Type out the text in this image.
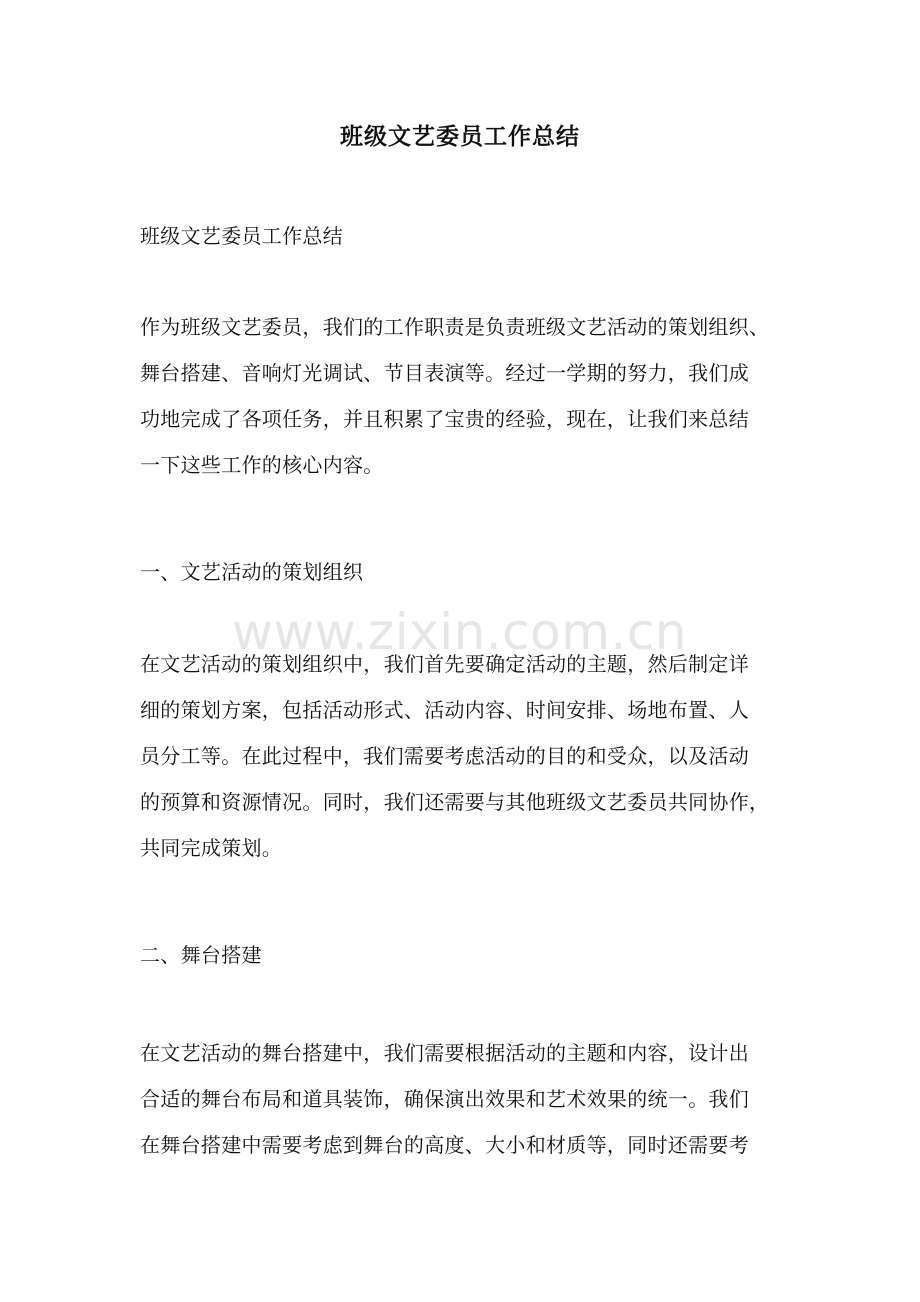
班级文艺委员工作总结
班级文艺委员工作总结
作为班级文艺委员，我们的工作职责是负责班级文艺活动的策划组织、
舞台搭建、音响灯光调试、节目表演等。经过一学期的努力，我们成
功地完成了各项任务，并且积累了宝贵的经验，现在，让我们来总结
一下这些工作的核心内容。
一、文艺活动的策划组织
在文艺活动的策划组织中，我们首先要确定活动的主题，然后制定详
细的策划方案，包括活动形式、活动内容、时间安排、场地布置、人
员分工等。在此过程中，我们需要考虑活动的目的和受众，以及活动
的预算和资源情况。同时，我们还需要与其他班级文艺委员共同协作，
共同完成策划。
二、舞台搭建
在文艺活动的舞台搭建中，我们需要根据活动的主题和内容，设计出
合适的舞台布局和道具装饰，确保演出效果和艺术效果的统一。我们
在舞台搭建中需要考虑到舞台的高度、大小和材质等，同时还需要考
www.zixin.com.cn
